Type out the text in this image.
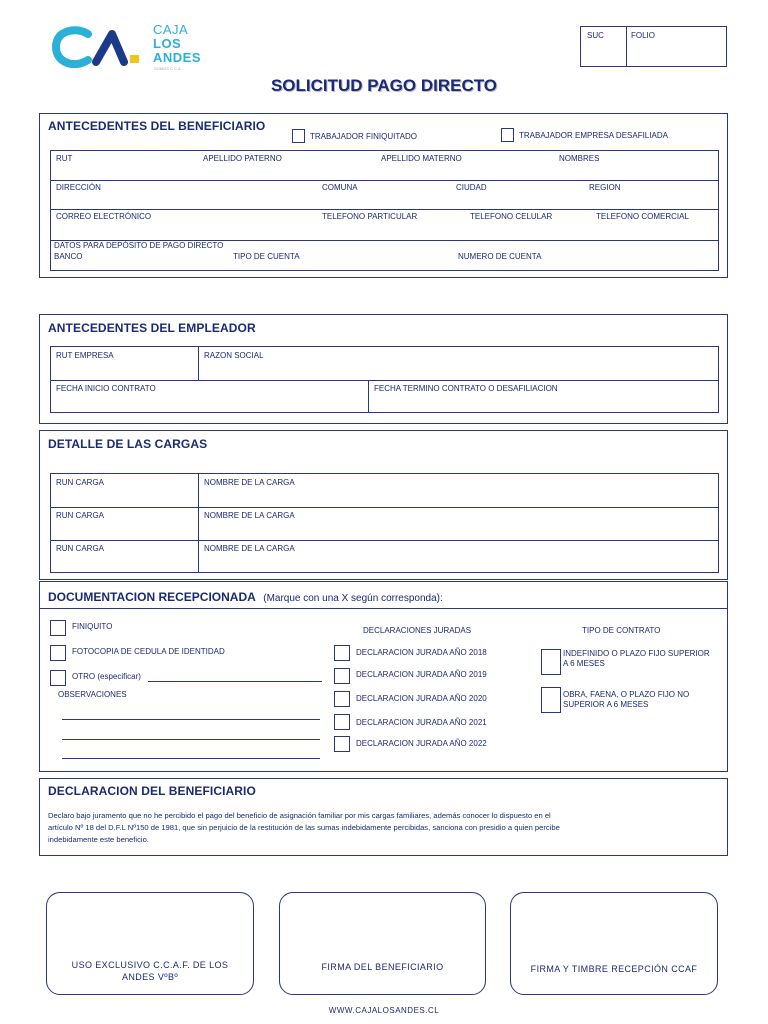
CAJA
LOS
ANDES
SOMOS C.C.A.
SUC	FOLIO
SOLICITUD PAGO DIRECTO
ANTECEDENTES DEL BENEFICIARIO
TRABAJADOR FINIQUITADO	TRABAJADOR EMPRESA DESAFILIADA
RUT	APELLIDO PATERNO	APELLIDO MATERNO	NOMBRES
DIRECCIÓN	COMUNA	CIUDAD	REGION
CORREO ELECTRÓNICO	TELEFONO PARTICULAR	TELEFONO CELULAR	TELEFONO COMERCIAL
DATOS PARA DEPÓSITO DE PAGO DIRECTO
BANCO	TIPO DE CUENTA	NUMERO DE CUENTA
ANTECEDENTES DEL EMPLEADOR
RUT EMPRESA	RAZON SOCIAL
FECHA INICIO CONTRATO	FECHA TERMINO CONTRATO O DESAFILIACION
DETALLE DE LAS CARGAS
RUN CARGA	NOMBRE DE LA CARGA
RUN CARGA	NOMBRE DE LA CARGA
RUN CARGA	NOMBRE DE LA CARGA
DOCUMENTACION RECEPCIONADA (Marque con una X según corresponda):
FINIQUITO
FOTOCOPIA DE CEDULA DE IDENTIDAD
OTRO (especificar)
OBSERVACIONES
DECLARACIONES JURADAS
DECLARACION JURADA AÑO 2018
DECLARACION JURADA AÑO 2019
DECLARACION JURADA AÑO 2020
DECLARACION JURADA AÑO 2021
DECLARACION JURADA AÑO 2022
TIPO DE CONTRATO
INDEFINIDO O PLAZO FIJO SUPERIOR
A 6 MESES
OBRA, FAENA, O PLAZO FIJO NO
SUPERIOR A 6 MESES
DECLARACION DEL BENEFICIARIO
Declaro bajo juramento que no he percibido el pago del beneficio de asignación familiar por mis cargas familiares, además conocer lo dispuesto en el
artículo Nº 18 del D.F.L Nº150 de 1981, que sin perjuicio de la restitución de las sumas indebidamente percibidas, sanciona con presidio a quien percibe
indebidamente este beneficio.
USO EXCLUSIVO C.C.A.F. DE LOS
ANDES VºBº
FIRMA DEL BENEFICIARIO	FIRMA Y TIMBRE RECEPCIÓN CCAF
WWW.CAJALOSANDES.CL
